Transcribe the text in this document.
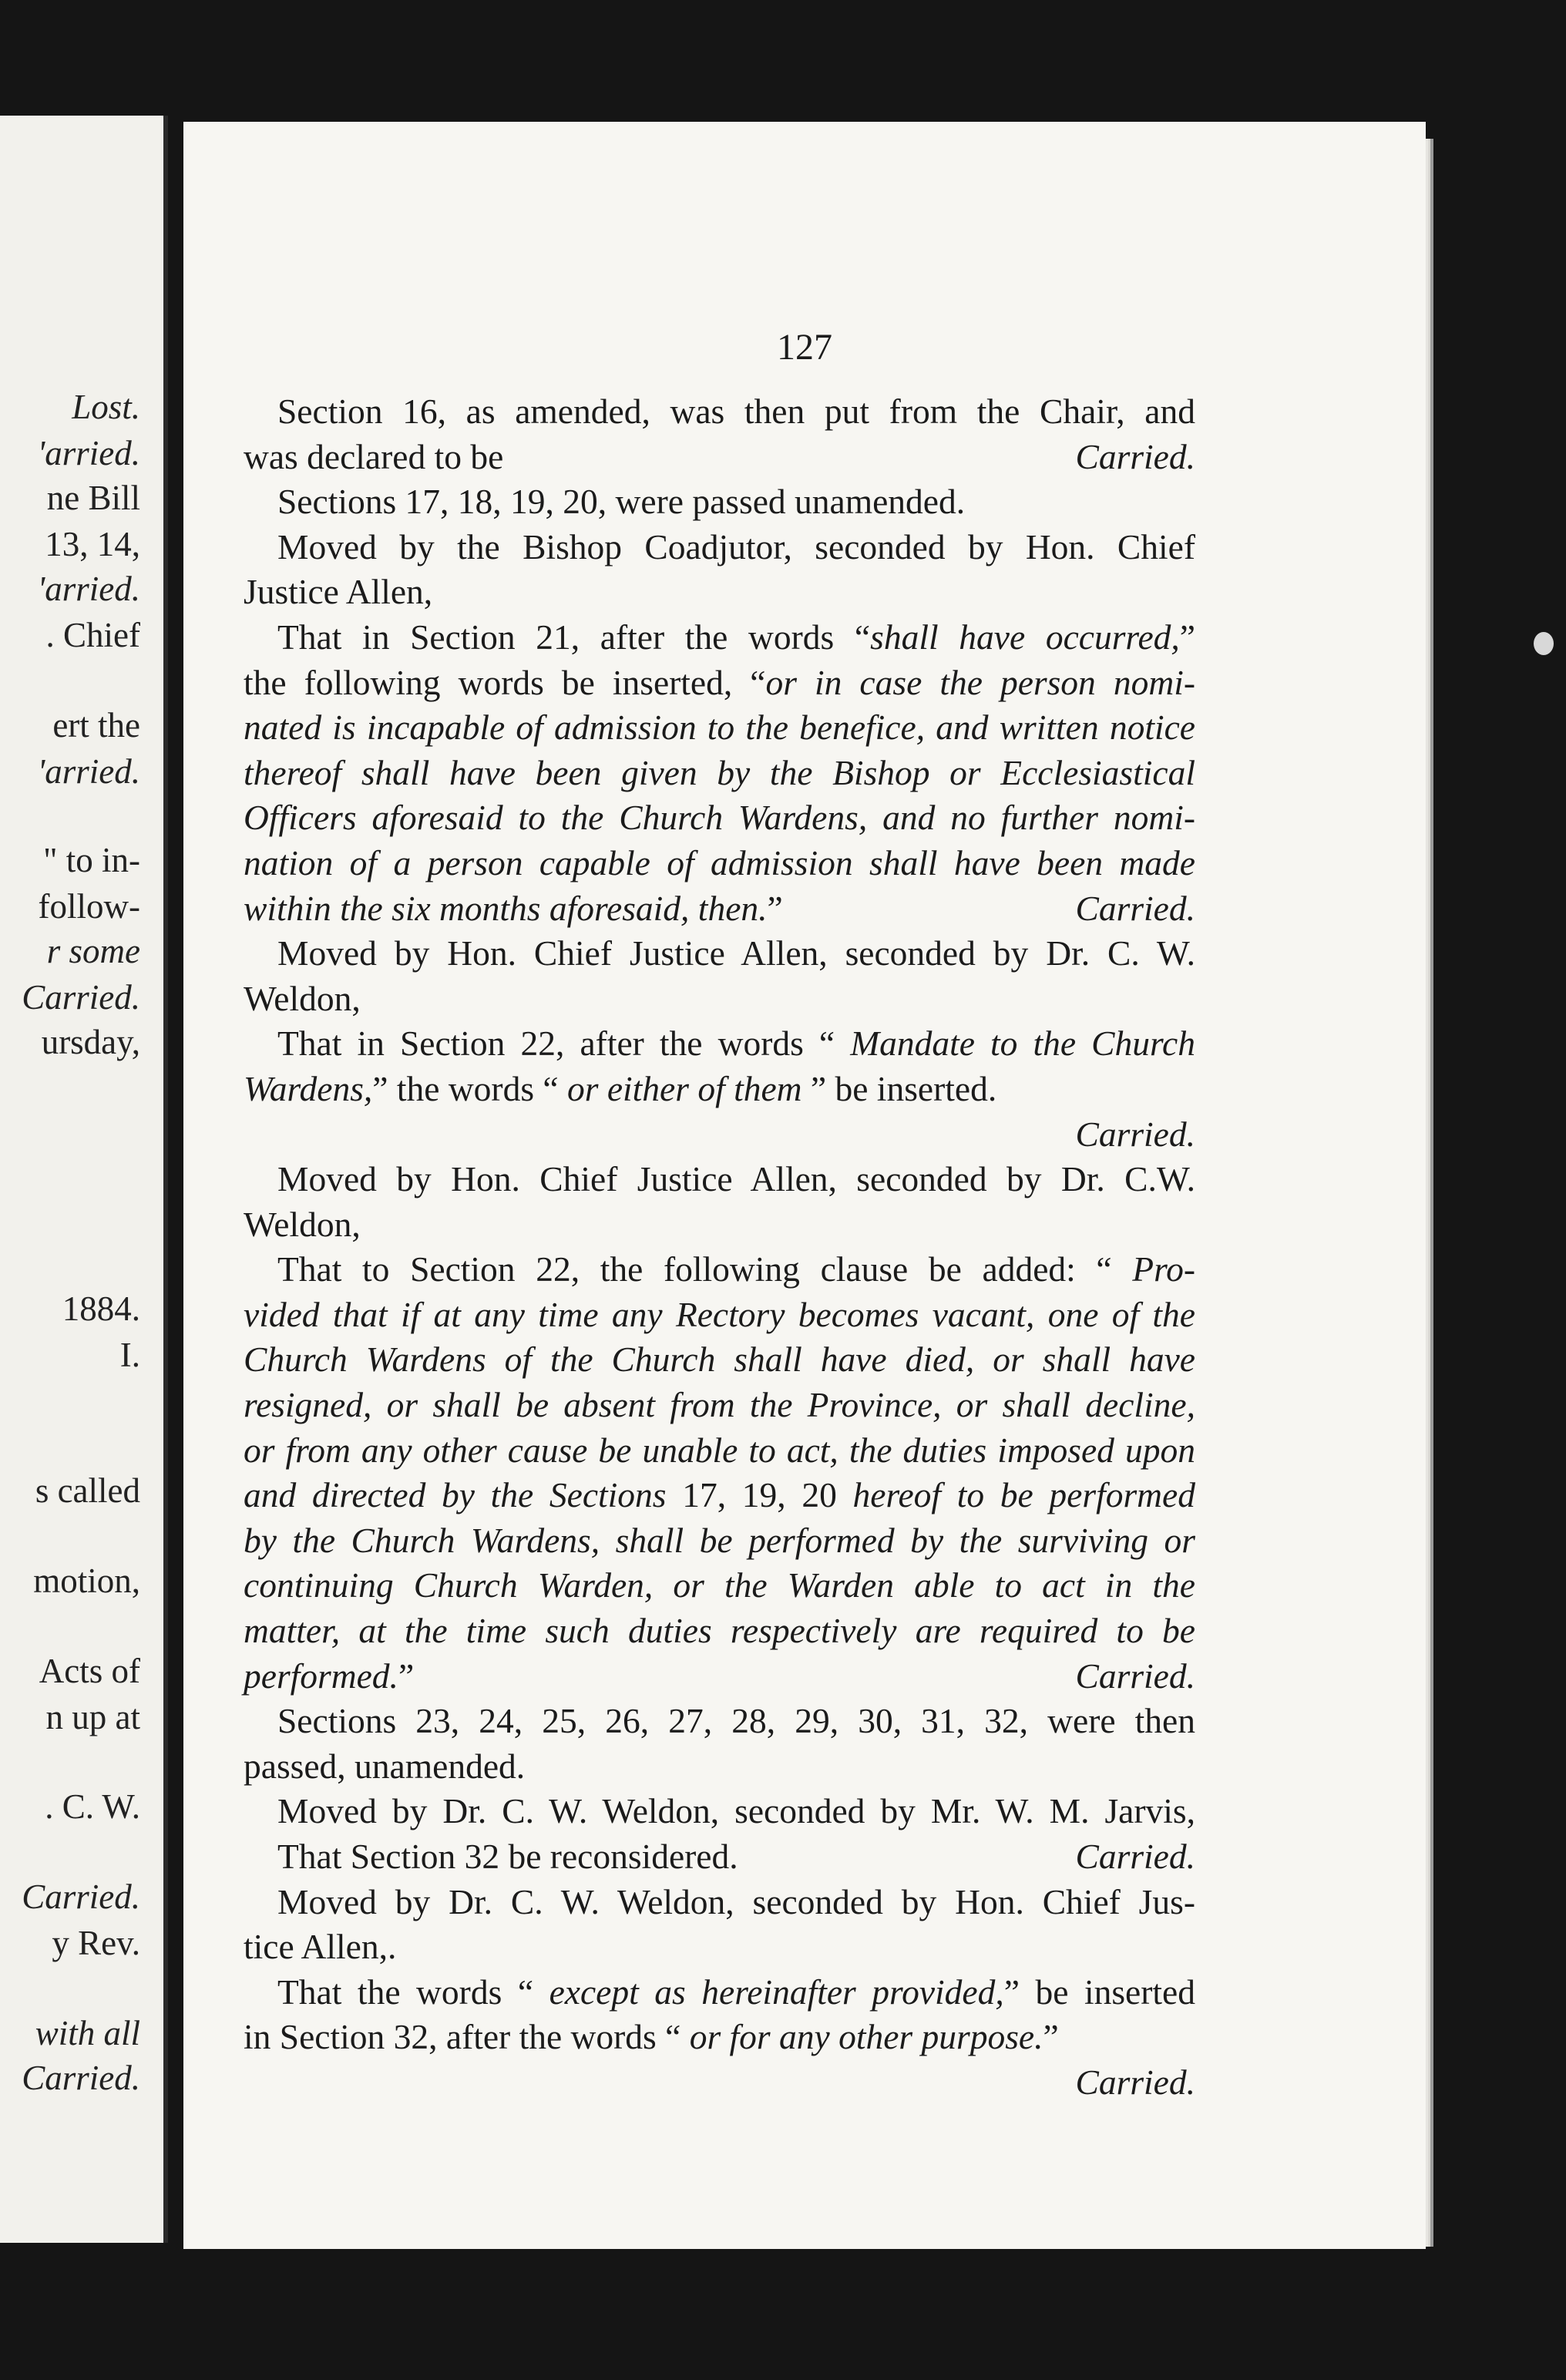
Lost.
'arried.
ne Bill
13, 14,
'arried.
. Chief
ert the
'arried.
" to in-
follow-
r some
Carried.
ursday,
1884.
I.
s called
motion,
Acts of
n up at
. C. W.
Carried.
y Rev.
with all
Carried.
127
Section 16, as amended, was then put from the Chair, and
was declared to be	Carried.
Sections 17, 18, 19, 20, were passed unamended.
Moved by the Bishop Coadjutor, seconded by Hon. Chief
Justice Allen,
That in Section 21, after the words “shall have occurred,”
the following words be inserted, “or in case the person nomi-
nated is incapable of admission to the benefice, and written notice
thereof shall have been given by the Bishop or Ecclesiastical
Officers aforesaid to the Church Wardens, and no further nomi-
nation of a person capable of admission shall have been made
within the six months aforesaid, then.”	Carried.
Moved by Hon. Chief Justice Allen, seconded by Dr. C. W.
Weldon,
That in Section 22, after the words “ Mandate to the Church
Wardens,” the words “ or either of them ” be inserted.
Carried.
Moved by Hon. Chief Justice Allen, seconded by Dr. C.W.
Weldon,
That to Section 22, the following clause be added: “ Pro-
vided that if at any time any Rectory becomes vacant, one of the
Church Wardens of the Church shall have died, or shall have
resigned, or shall be absent from the Province, or shall decline,
or from any other cause be unable to act, the duties imposed upon
and directed by the Sections 17, 19, 20 hereof to be performed
by the Church Wardens, shall be performed by the surviving or
continuing Church Warden, or the Warden able to act in the
matter, at the time such duties respectively are required to be
performed.”	Carried.
Sections 23, 24, 25, 26, 27, 28, 29, 30, 31, 32, were then
passed, unamended.
Moved by Dr. C. W. Weldon, seconded by Mr. W. M. Jarvis,
That Section 32 be reconsidered.	Carried.
Moved by Dr. C. W. Weldon, seconded by Hon. Chief Jus-
tice Allen,.
That the words “ except as hereinafter provided,” be inserted
in Section 32, after the words “ or for any other purpose.”
Carried.
